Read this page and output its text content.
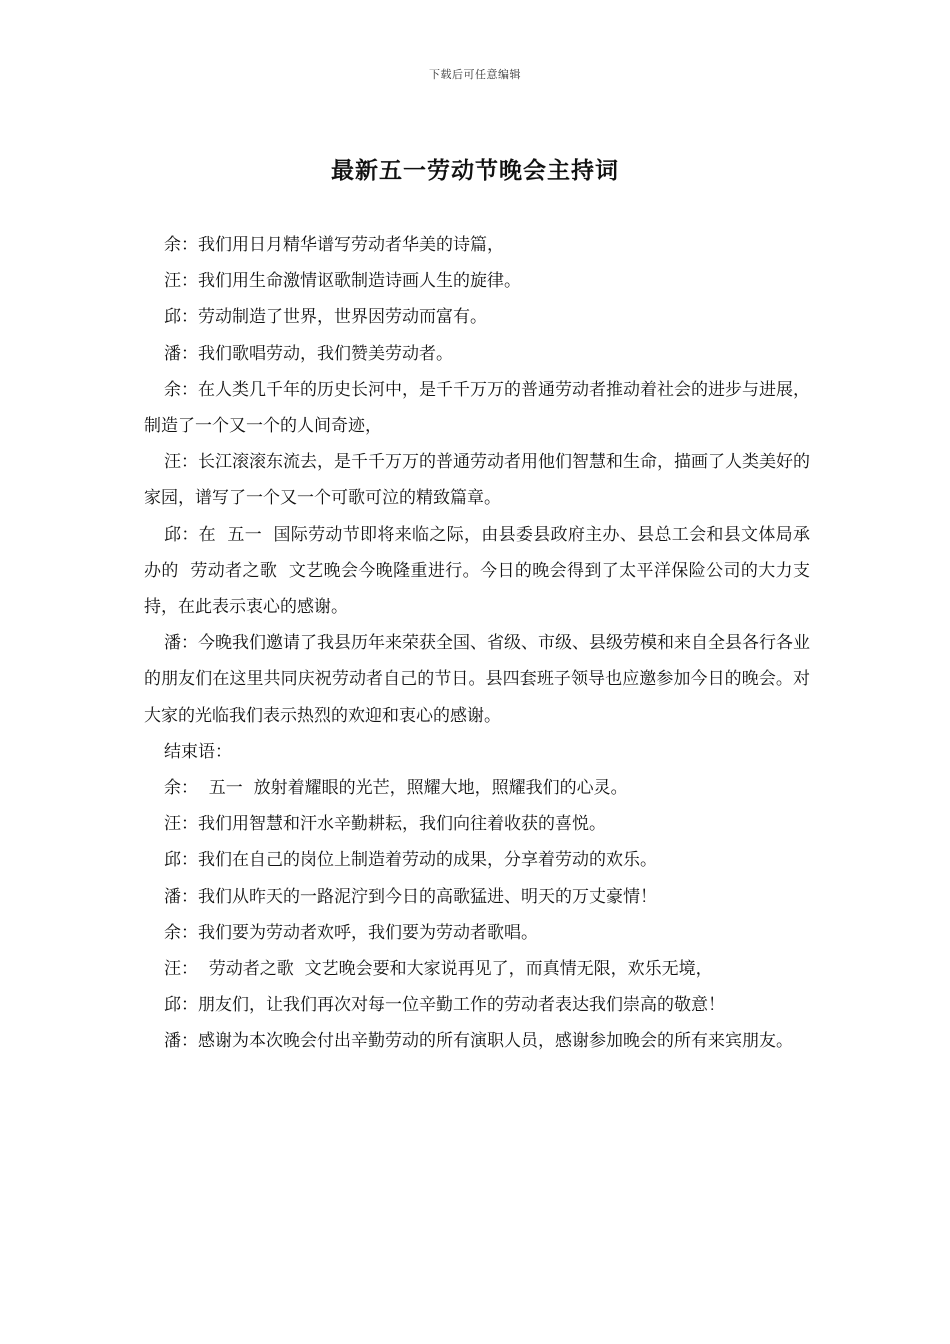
下载后可任意编辑
最新五一劳动节晚会主持词

余：我们用日月精华谱写劳动者华美的诗篇，

汪：我们用生命激情讴歌制造诗画人生的旋律。

邱：劳动制造了世界，世界因劳动而富有。

潘：我们歌唱劳动，我们赞美劳动者。

余：在人类几千年的历史长河中，是千千万万的普通劳动者推动着社会的进步与进展，制造了一个又一个的人间奇迹，

汪：长江滚滚东流去，是千千万万的普通劳动者用他们智慧和生命，描画了人类美好的家园，谱写了一个又一个可歌可泣的精致篇章。

邱：在  五一  国际劳动节即将来临之际，由县委县政府主办、县总工会和县文体局承办的  劳动者之歌  文艺晚会今晚隆重进行。今日的晚会得到了太平洋保险公司的大力支持，在此表示衷心的感谢。

潘：今晚我们邀请了我县历年来荣获全国、省级、市级、县级劳模和来自全县各行各业的朋友们在这里共同庆祝劳动者自己的节日。县四套班子领导也应邀参加今日的晚会。对大家的光临我们表示热烈的欢迎和衷心的感谢。

结束语：

余：  五一  放射着耀眼的光芒，照耀大地，照耀我们的心灵。

汪：我们用智慧和汗水辛勤耕耘，我们向往着收获的喜悦。

邱：我们在自己的岗位上制造着劳动的成果，分享着劳动的欢乐。

潘：我们从昨天的一路泥泞到今日的高歌猛进、明天的万丈豪情！

余：我们要为劳动者欢呼，我们要为劳动者歌唱。

汪：  劳动者之歌  文艺晚会要和大家说再见了，而真情无限，欢乐无境，

邱：朋友们，让我们再次对每一位辛勤工作的劳动者表达我们崇高的敬意！

潘：感谢为本次晚会付出辛勤劳动的所有演职人员，感谢参加晚会的所有来宾朋友。
